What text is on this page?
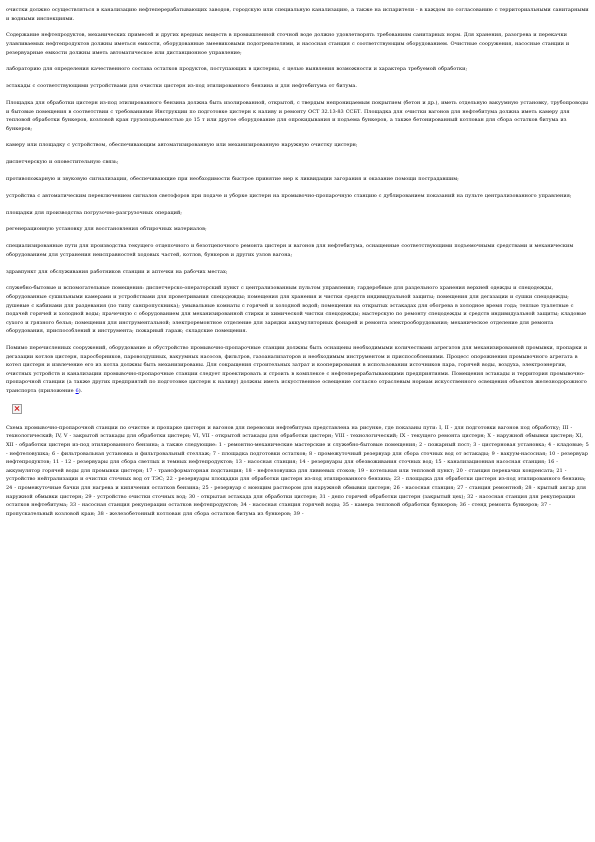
очистки должно осуществляться в канализацию нефтеперерабатывающих заводов, городскую или специальную канализацию, а также на испарители - в каждом по согласованию с территориальными санитарными и водными инспекциями.

Содержание нефтепродуктов, механических примесей и других вредных веществ в промышленной сточной воде должно удовлетворять требованиям санитарных норм. Для хранения, разогрева и перекачки улавливаемых нефтепродуктов должны иметься емкости, оборудованные змеевиковыми подогревателями, и насосная станция с соответствующим оборудованием. Очистные сооружения, насосные станции и резервуарные емкости должны иметь автоматическое или дистанционное управление;

лабораторию для определения качественного состава остатков продуктов, поступающих в цистерны, с целью выявления возможности и характера требуемой обработки;

эстакады с соответствующими устройствами для очистки цистерн из-под этилированного бензина и для нефтебитума от битума.

Площадка для обработки цистерн из-под этилированного бензина должна быть изолированной, открытой, с твердым непроницаемым покрытием (бетон и др.), иметь отдельную вакуумную установку, трубопроводы и бытовые помещения в соответствии с требованиями Инструкции по подготовке цистерн к наливу и ремонту ОСТ 32.13-83 ССБТ. Площадка для очистки вагонов для нефтебитума должна иметь камеру для тепловой обработки бункеров, козловой кран грузоподъемностью до 15 т или другое оборудование для опрокидывания и подъема бункеров, а также бетонированный котлован для сбора остатков битума из бункеров;

камеру или площадку с устройством, обеспечивающим автоматизированную или механизированную наружную очистку цистерн;

диспетчерскую и оповестительную связь;

противопожарную и звуковую сигнализации, обеспечивающие при необходимости быстрое принятие мер к ликвидации загорания и оказание помощи пострадавшим;

устройства с автоматическим переключением сигналов светофоров при подаче и уборке цистерн на промывочно-пропарочную станцию с дублированием показаний на пульте централизованного управления;

площадки для производства погрузочно-разгрузочных операций;

регенерационную установку для восстановления обтирочных материалов;

специализированные пути для производства текущего отцепочного и безотцепочного ремонта цистерн и вагонов для нефтебитума, оснащенные соответствующими подъемочными средствами и механическим оборудованием для устранения неисправностей ходовых частей, котлов, бункеров и других узлов вагона;

здравпункт для обслуживания работников станции и аптечки на рабочих местах;

служебно-бытовые и вспомогательные помещения: диспетчерско-операторский пункт с централизованным пультом управления; гардеробные для раздельного хранения верхней одежды и спецодежды, оборудованные сушильными камерами и устройствами для проветривания спецодежды; помещения для хранения и чистки средств индивидуальной защиты; помещения для дегазации и сушки спецодежды; душевые с кабинами для раздевания (по типу санпропускника); умывальные комнаты с горячей и холодной водой; помещения на открытых эстакадах для обогрева в холодное время года; теплые туалетные с подачей горячей и холодной воды; прачечную с оборудованием для механизированной стирки и химической чистки спецодежды; мастерскую по ремонту спецодежды и средств индивидуальной защиты; кладовые сухого и грязного белья; помещения для инструментальной; электроремонтное отделение для зарядки аккумуляторных фонарей и ремонта электрооборудования; механическое отделение для ремонта оборудования, приспособлений и инструмента; пожарный гараж; складские помещения.

Помимо перечисленных сооружений, оборудование и обустройство промывочно-пропарочные станции должны быть оснащены необходимыми количествами агрегатов для механизированной промывки, пропарки и дегазации котлов цистерн, паросборников, паровоздушных, вакуумных насосов, фильтров, газоанализаторов и необходимым инструментом и приспособлениями. Процесс опорожнения промывочного агрегата в котел цистерн и извлечение его из котла должны быть механизированы. Для сокращения строительных затрат и кооперирования в использовании источников пара, горячей воды, воздуха, электроэнергии, очистных устройств и канализации промывочно-пропарочные станции следует проектировать и строить в комплексе с нефтеперерабатывающими предприятиями. Помещения эстакады и территория промывочно-пропарочной станции (а также других предприятий по подготовке цистерн к наливу) должны иметь искусственное освещение согласно отраслевым нормам искусственного освещения объектов железнодорожного транспорта (приложение 6).

Схема промывочно-пропарочной станции по очистке и пропарке цистерн и вагонов для перевозки нефтебитума представлена на рисунке, где показаны пути: I, II - для подготовки вагонов под обработку; III - технологический; IV, V - закрытой эстакады для обработки цистерн; VI, VII - открытой эстакады для обработки цистерн; VIII - технологический; IX - текущего ремонта цистерн; X - наружной обмывки цистерн; XI, XII - обработки цистерн из-под этилированного бензина; а также следующие: 1 - ремонтно-механические мастерские и служебно-бытовые помещения; 2 - пожарный пост; 3 - цистерновая установка; 4 - кладовые; 5 - нефтеловушка; 6 - фильтровальная установка и фильтровальный стеллаж; 7 - площадка подготовки остатков; 8 - промежуточный резервуар для сбора сточных вод от эстакады; 9 - вакуум-насосная; 10 - резервуар нефтепродуктов; 11 - 12 - резервуары для сбора светлых и темных нефтепродуктов; 13 - насосная станция; 14 - резервуары для обезвоживания сточных вод; 15 - канализационная насосная станция; 16 - аккумулятор горячей воды для промывки цистерн; 17 - трансформаторная подстанция; 18 - нефтеловушка для ливневых стоков; 19 - котельная или тепловой пункт; 20 - станция перекачки конденсата; 21 - устройство нейтрализации и очистки сточных вод от ТЭС; 22 - резервуары площадки для обработки цистерн из-под этилированного бензина; 23 - площадка для обработки цистерн из-под этилированного бензина; 24 - промежуточные бачки для нагрева и кипячения остатков бензина; 25 - резервуар с моющим раствором для наружной обмывки цистерн; 26 - насосная станция; 27 - станция ремонтной; 28 - крытый ангар для наружной обмывки цистерн; 29 - устройство очистки сточных вод; 30 - открытая эстакада для обработки цистерн; 31 - депо горячей обработки цистерн (закрытый цех); 32 - насосная станция для рекуперации остатков нефтебитума; 33 - насосная станция рекуперации остатков нефтепродуктов; 34 - насосная станция горячей воды; 35 - камера тепловой обработки бункеров; 36 - стенд ремонта бункеров; 37 - пропускательный козловой кран; 38 - железобетонный котлован для сбора остатков битума из бункеров; 39 -
